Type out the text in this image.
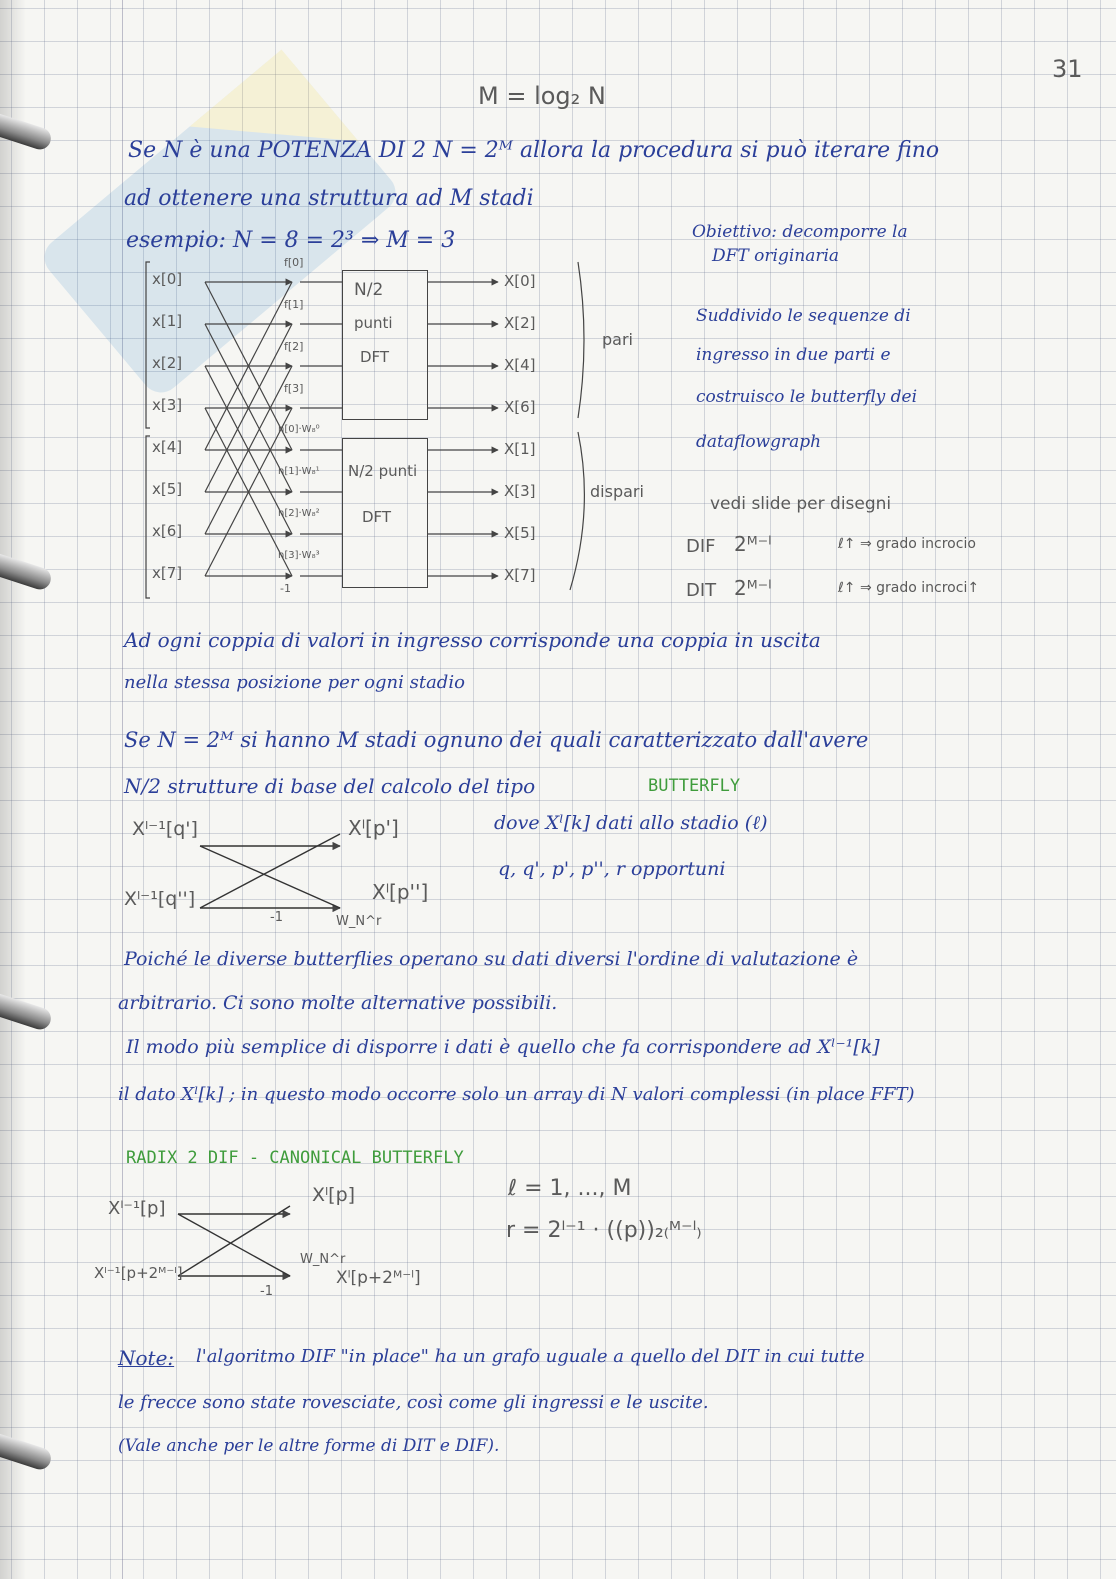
31
M = log₂ N
Se N è una POTENZA DI 2 N = 2ᴹ allora la procedura si può iterare fino
ad ottenere una struttura ad M stadi
esempio: N = 8 = 2³ ⇒ M = 3
N/2
punti
DFT
N/2 punti
DFT
x[0]
x[1]
x[2]
x[3]
x[4]
x[5]
x[6]
x[7]
f[0]
f[1]
f[2]
f[3]
h[0]·W₈⁰
h[1]·W₈¹
h[2]·W₈²
h[3]·W₈³
-1
X[0]
X[2]
X[4]
X[6]
X[1]
X[3]
X[5]
X[7]
pari
dispari
Obiettivo: decomporre la
DFT originaria
Suddivido le sequenze di
ingresso in due parti e
costruisco le butterfly dei
dataflowgraph
vedi slide per disegni
DIF 2ᴹ⁻ˡ	ℓ↑ ⇒ grado incrocio
DIT 2ᴹ⁻ˡ	ℓ↑ ⇒ grado incroci↑
Ad ogni coppia di valori in ingresso corrisponde una coppia in uscita
nella stessa posizione per ogni stadio
Se N = 2ᴹ si hanno M stadi ognuno dei quali caratterizzato dall'avere
N/2 strutture di base del calcolo del tipo	BUTTERFLY
Xˡ⁻¹[q']
Xˡ⁻¹[q'']
Xˡ[p']
Xˡ[p'']
-1	W_N^r
dove Xˡ[k] dati allo stadio (ℓ)
q, q', p', p'', r opportuni
Poiché le diverse butterflies operano su dati diversi l'ordine di valutazione è
arbitrario. Ci sono molte alternative possibili.
Il modo più semplice di disporre i dati è quello che fa corrispondere ad Xˡ⁻¹[k]
il dato Xˡ[k] ; in questo modo occorre solo un array di N valori complessi (in place FFT)
RADIX 2 DIF - CANONICAL BUTTERFLY
Xˡ⁻¹[p]
Xˡ⁻¹[p+2ᴹ⁻ˡ]
Xˡ[p]
Xˡ[p+2ᴹ⁻ˡ]
W_N^r
-1
ℓ = 1, ..., M
r = 2ˡ⁻¹ · ((p))₂₍ᴹ⁻ˡ₎
Note: l'algoritmo DIF "in place" ha un grafo uguale a quello del DIT in cui tutte
le frecce sono state rovesciate, così come gli ingressi e le uscite.
(Vale anche per le altre forme di DIT e DIF).
